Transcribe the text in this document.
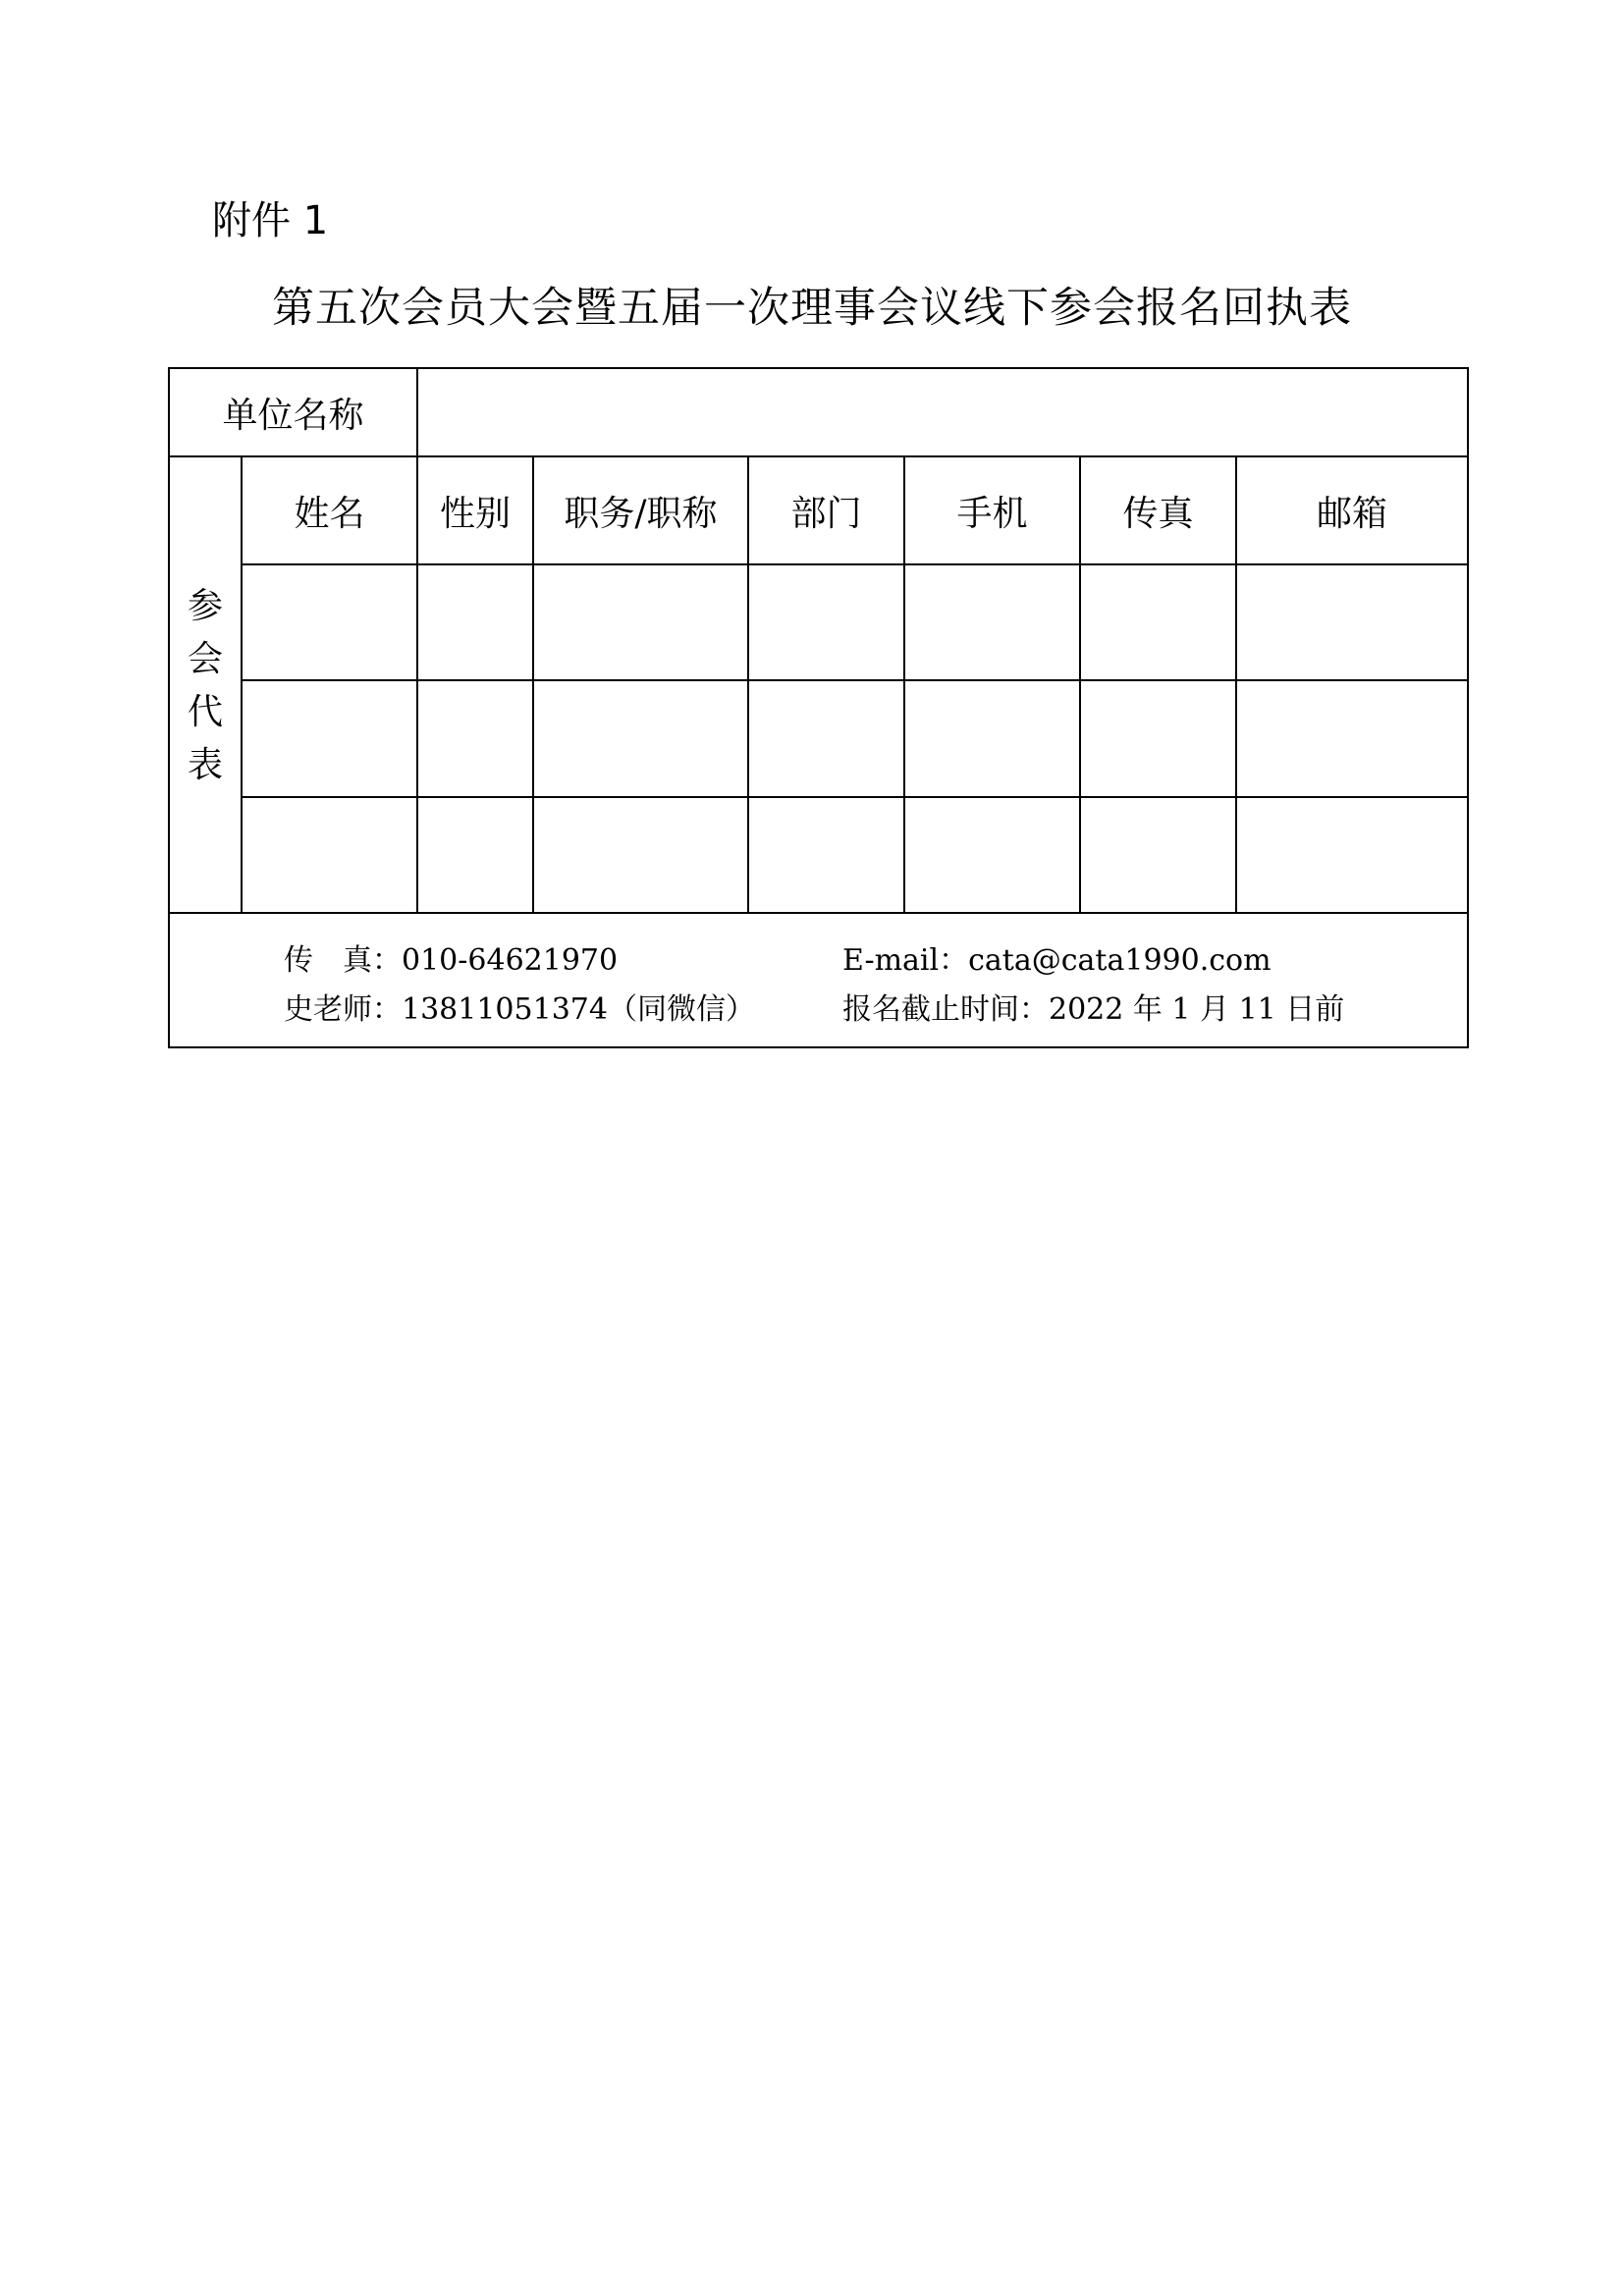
附件 1
第五次会员大会暨五届一次理事会议线下参会报名回执表
单位名称
参
会
代
表
姓名	性别	职务/职称	部门	手机	传真	邮箱
传　真：010-64621970	E-mail：cata@cata1990.com
史老师：13811051374（同微信）	报名截止时间：2022 年 1 月 11 日前
